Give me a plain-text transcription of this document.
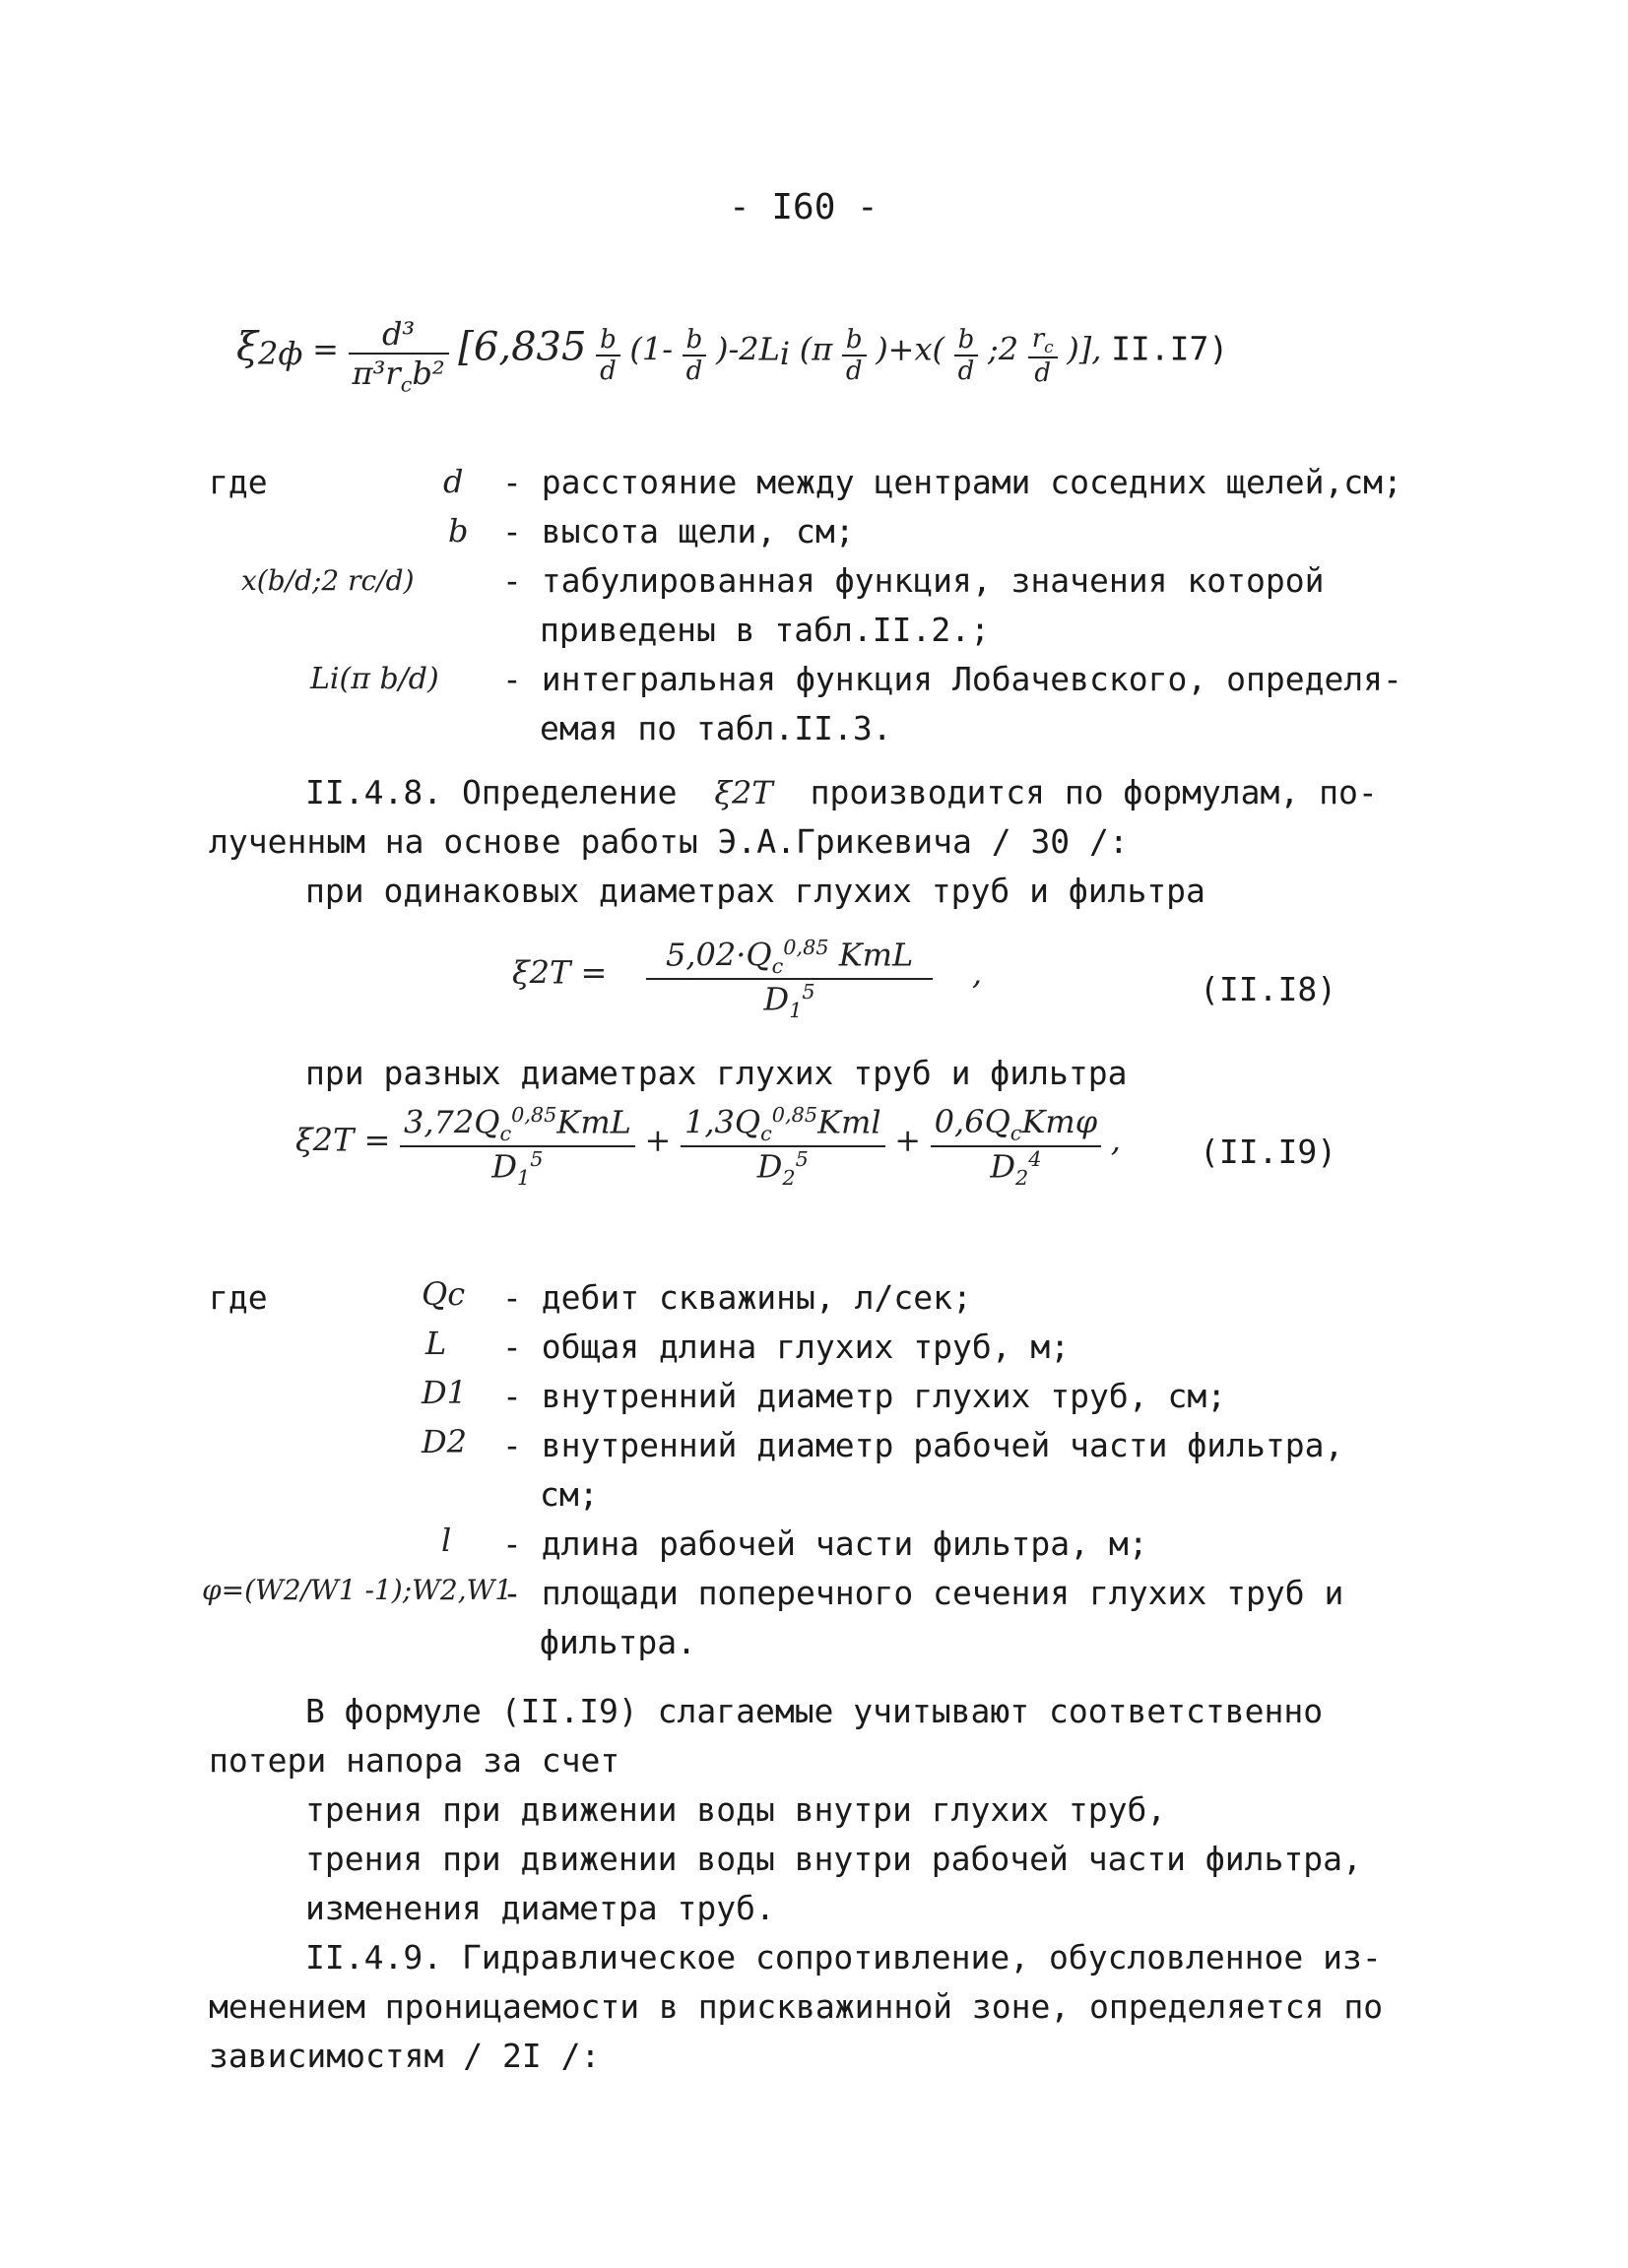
- I60 -
$\xi_{2ф} = \frac{\text{d³}}{\pi^3r_cb^2} [6,835 \frac{b}{d} (1- \frac{b}{d} )-2L_i$ $(\pi \frac{b}{d} )+x( \frac{b}{d}$ ;2 $\frac{r_c}{d}$ )], II.I7)
где	d - расстояние между центрами соседних щелей,см;
b - высота щели, см;
x(b/d;2 rc/d)	- табулированная функция, значения которой
приведены в табл.II.2.;
Li(π b/d) - интегральная функция Лобачевского, определя-
емая по табл.II.3.
II.4.8. Определение ξ2T производится по формулам, по-
лученным на основе работы Э.А.Грикевича / 30 /:
при одинаковых диаметрах глухих труб и фильтра
$\xi 2T = \frac{5,02\cdot Q_c^{0,85} KmL}{D_1^5}$ ,	(II.I8)
при разных диаметрах глухих труб и фильтра
$\xi 2T = \frac{3,72Q_c^{0,85}KmL}{D_1^5} + \frac{1,3Q_c^{0,85}Kml}{D_2^5} + \frac{0,6Q_cKm\varphi}{D_2^4}$ , (II.I9)
где	Qc - дебит скважины, л/сек;
L - общая длина глухих труб, м;
D1 - внутренний диаметр глухих труб, см;
D2 - внутренний диаметр рабочей части фильтра,
см;
l - длина рабочей части фильтра, м;
φ=(W2/W1 -1);W2,W1
- площади поперечного сечения глухих труб и
фильтра.
В формуле (II.I9) слагаемые учитывают соответственно
потери напора за счет
трения при движении воды внутри глухих труб,
трения при движении воды внутри рабочей части фильтра,
изменения диаметра труб.
II.4.9. Гидравлическое сопротивление, обусловленное из-
менением проницаемости в прискважинной зоне, определяется по
зависимостям / 2I /:
